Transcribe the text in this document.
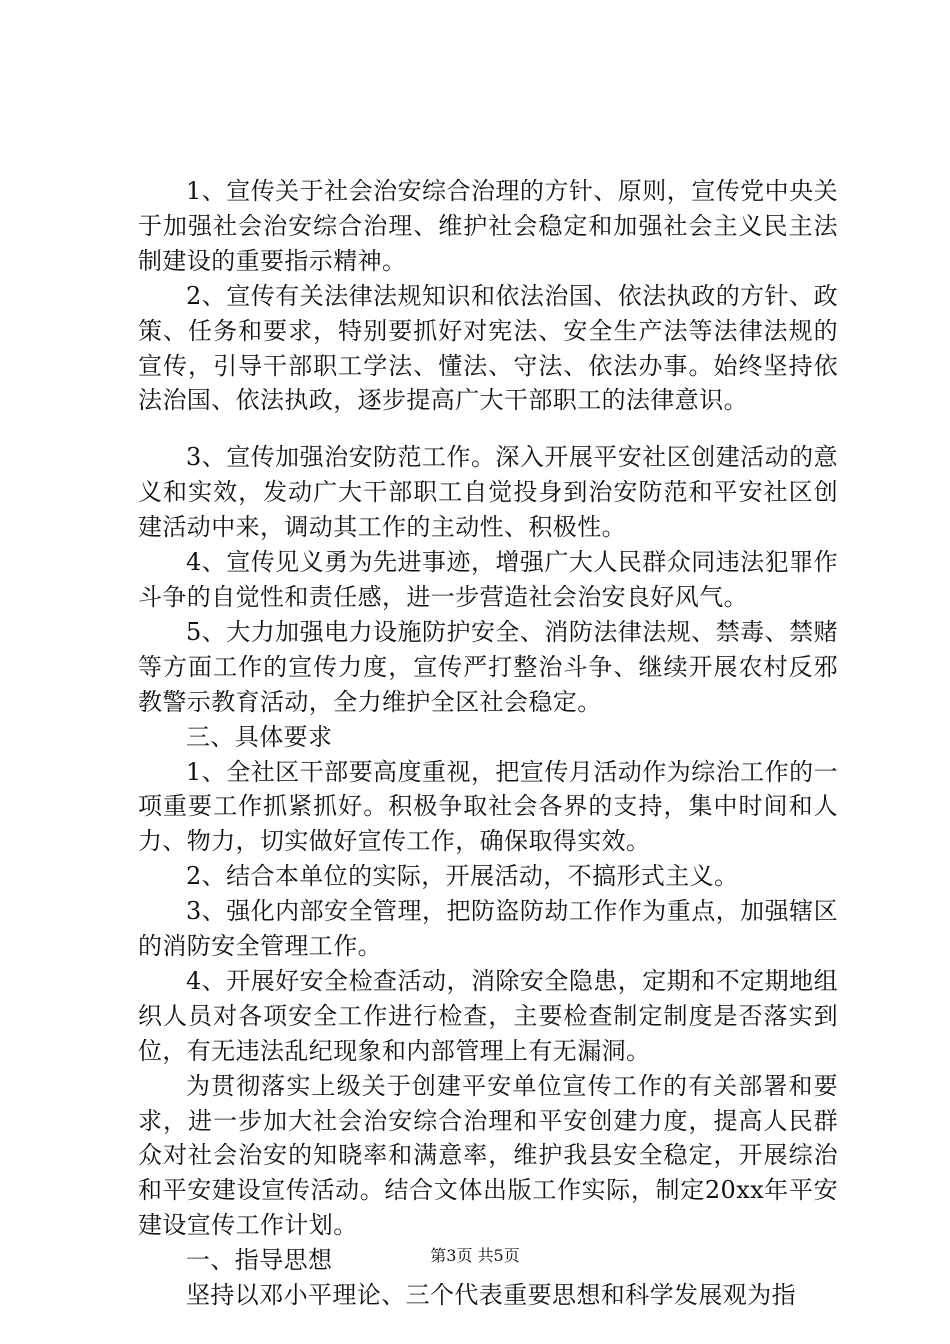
1、宣传关于社会治安综合治理的方针、原则，宣传党中央关于加强社会治安综合治理、维护社会稳定和加强社会主义民主法制建设的重要指示精神。

2、宣传有关法律法规知识和依法治国、依法执政的方针、政策、任务和要求，特别要抓好对宪法、安全生产法等法律法规的宣传，引导干部职工学法、懂法、守法、依法办事。始终坚持依法治国、依法执政，逐步提高广大干部职工的法律意识。

3、宣传加强治安防范工作。深入开展平安社区创建活动的意义和实效，发动广大干部职工自觉投身到治安防范和平安社区创建活动中来，调动其工作的主动性、积极性。

4、宣传见义勇为先进事迹，增强广大人民群众同违法犯罪作斗争的自觉性和责任感，进一步营造社会治安良好风气。

5、大力加强电力设施防护安全、消防法律法规、禁毒、禁赌等方面工作的宣传力度，宣传严打整治斗争、继续开展农村反邪教警示教育活动，全力维护全区社会稳定。

三、具体要求

1、全社区干部要高度重视，把宣传月活动作为综治工作的一项重要工作抓紧抓好。积极争取社会各界的支持，集中时间和人力、物力，切实做好宣传工作，确保取得实效。

2、结合本单位的实际，开展活动，不搞形式主义。

3、强化内部安全管理，把防盗防劫工作作为重点，加强辖区的消防安全管理工作。

4、开展好安全检查活动，消除安全隐患，定期和不定期地组织人员对各项安全工作进行检查，主要检查制定制度是否落实到位，有无违法乱纪现象和内部管理上有无漏洞。

为贯彻落实上级关于创建平安单位宣传工作的有关部署和要求，进一步加大社会治安综合治理和平安创建力度，提高人民群众对社会治安的知晓率和满意率，维护我县安全稳定，开展综治和平安建设宣传活动。结合文体出版工作实际，制定20xx年平安建设宣传工作计划。

一、指导思想

坚持以邓小平理论、三个代表重要思想和科学发展观为指

第3页 共5页
